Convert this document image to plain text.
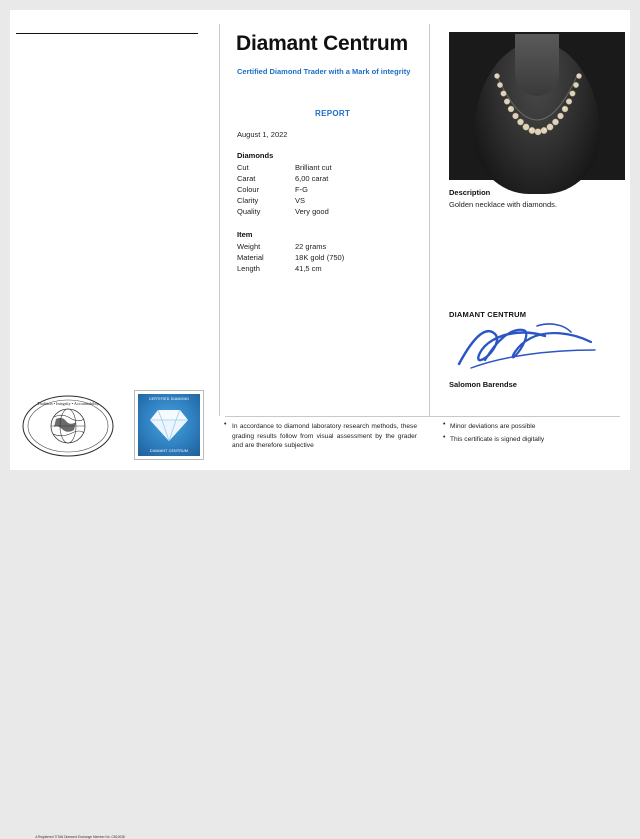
Tradition • Integrity • Accountability
A Registered TITAN Diamond Exchange Member No. CB10038
CERTIFIED DIAMOND
DIAMANT CENTRUM
Diamant Centrum
Certified Diamond Trader with a Mark of integrity
REPORT
August 1, 2022
Diamonds
Cut	Brilliant cut
Carat	6,00 carat
Colour	F-G
Clarity	VS
Quality	Very good
Item
Weight	22 grams
Material	18K gold (750)
Length	41,5 cm
Description
Golden necklace with diamonds.
DIAMANT CENTRUM
Salomon Barendse
• In accordance to diamond laboratory research methods, these grading results follow from visual assessment by the grader and are therefore subjective
• Minor deviations are possible
• This certificate is signed digitally
